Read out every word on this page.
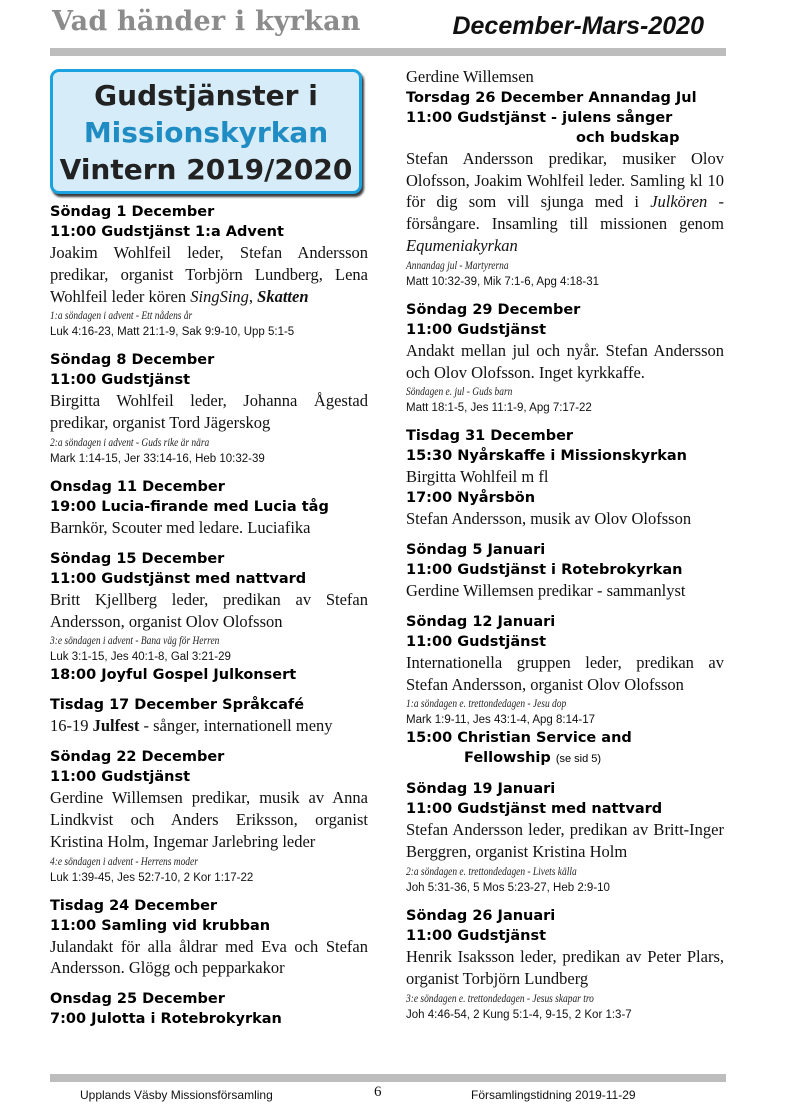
Vad händer i kyrkan	December-Mars-2020
Gudstjänster i
Missionskyrkan
Vintern 2019/2020
Söndag 1 December
11:00 Gudstjänst 1:a Advent
Joakim Wohlfeil leder, Stefan Andersson predikar, organist Torbjörn Lundberg, Lena Wohlfeil leder kören SingSing, Skatten
1:a söndagen i advent - Ett nådens år
Luk 4:16-23, Matt 21:1-9, Sak 9:9-10, Upp 5:1-5
Söndag 8 December
11:00 Gudstjänst
Birgitta Wohlfeil leder, Johanna Ågestad predikar, organist Tord Jägerskog
2:a söndagen i advent - Guds rike är nära
Mark 1:14-15, Jer 33:14-16, Heb 10:32-39
Onsdag 11 December
19:00 Lucia-firande med Lucia tåg
Barnkör, Scouter med ledare. Luciafika
Söndag 15 December
11:00 Gudstjänst med nattvard
Britt Kjellberg leder, predikan av Stefan Andersson, organist Olov Olofsson
3:e söndagen i advent - Bana väg för Herren
Luk 3:1-15, Jes 40:1-8, Gal 3:21-29
18:00 Joyful Gospel Julkonsert
Tisdag 17 December Språkcafé
16-19 Julfest - sånger, internationell meny
Söndag 22 December
11:00 Gudstjänst
Gerdine Willemsen predikar, musik av Anna Lindkvist och Anders Eriksson, organist Kristina Holm, Ingemar Jarlebring leder
4:e söndagen i advent - Herrens moder
Luk 1:39-45, Jes 52:7-10, 2 Kor 1:17-22
Tisdag 24 December
11:00 Samling vid krubban
Julandakt för alla åldrar med Eva och Stefan Andersson. Glögg och pepparkakor
Onsdag 25 December
7:00 Julotta i Rotebrokyrkan
Gerdine Willemsen
Torsdag 26 December Annandag Jul
11:00 Gudstjänst - julens sånger
och budskap
Stefan Andersson predikar, musiker Olov Olofsson, Joakim Wohlfeil leder. Samling kl 10 för dig som vill sjunga med i Julkören - försångare. Insamling till missionen genom Equmeniakyrkan
Annandag jul - Martyrerna
Matt 10:32-39, Mik 7:1-6, Apg 4:18-31
Söndag 29 December
11:00 Gudstjänst
Andakt mellan jul och nyår. Stefan Andersson och Olov Olofsson. Inget kyrkkaffe.
Söndagen e. jul - Guds barn
Matt 18:1-5, Jes 11:1-9, Apg 7:17-22
Tisdag 31 December
15:30 Nyårskaffe i Missionskyrkan
Birgitta Wohlfeil m fl
17:00 Nyårsbön
Stefan Andersson, musik av Olov Olofsson
Söndag 5 Januari
11:00 Gudstjänst i Rotebrokyrkan
Gerdine Willemsen predikar - sammanlyst
Söndag 12 Januari
11:00 Gudstjänst
Internationella gruppen leder, predikan av Stefan Andersson, organist Olov Olofsson
1:a söndagen e. trettondedagen - Jesu dop
Mark 1:9-11, Jes 43:1-4, Apg 8:14-17
15:00 Christian Service and
Fellowship (se sid 5)
Söndag 19 Januari
11:00 Gudstjänst med nattvard
Stefan Andersson leder, predikan av Britt-Inger Berggren, organist Kristina Holm
2:a söndagen e. trettondedagen - Livets källa
Joh 5:31-36, 5 Mos 5:23-27, Heb 2:9-10
Söndag 26 Januari
11:00 Gudstjänst
Henrik Isaksson leder, predikan av Peter Plars, organist Torbjörn Lundberg
3:e söndagen e. trettondedagen - Jesus skapar tro
Joh 4:46-54, 2 Kung 5:1-4, 9-15, 2 Kor 1:3-7
Upplands Väsby Missionsförsamling	6	Församlingstidning 2019-11-29
